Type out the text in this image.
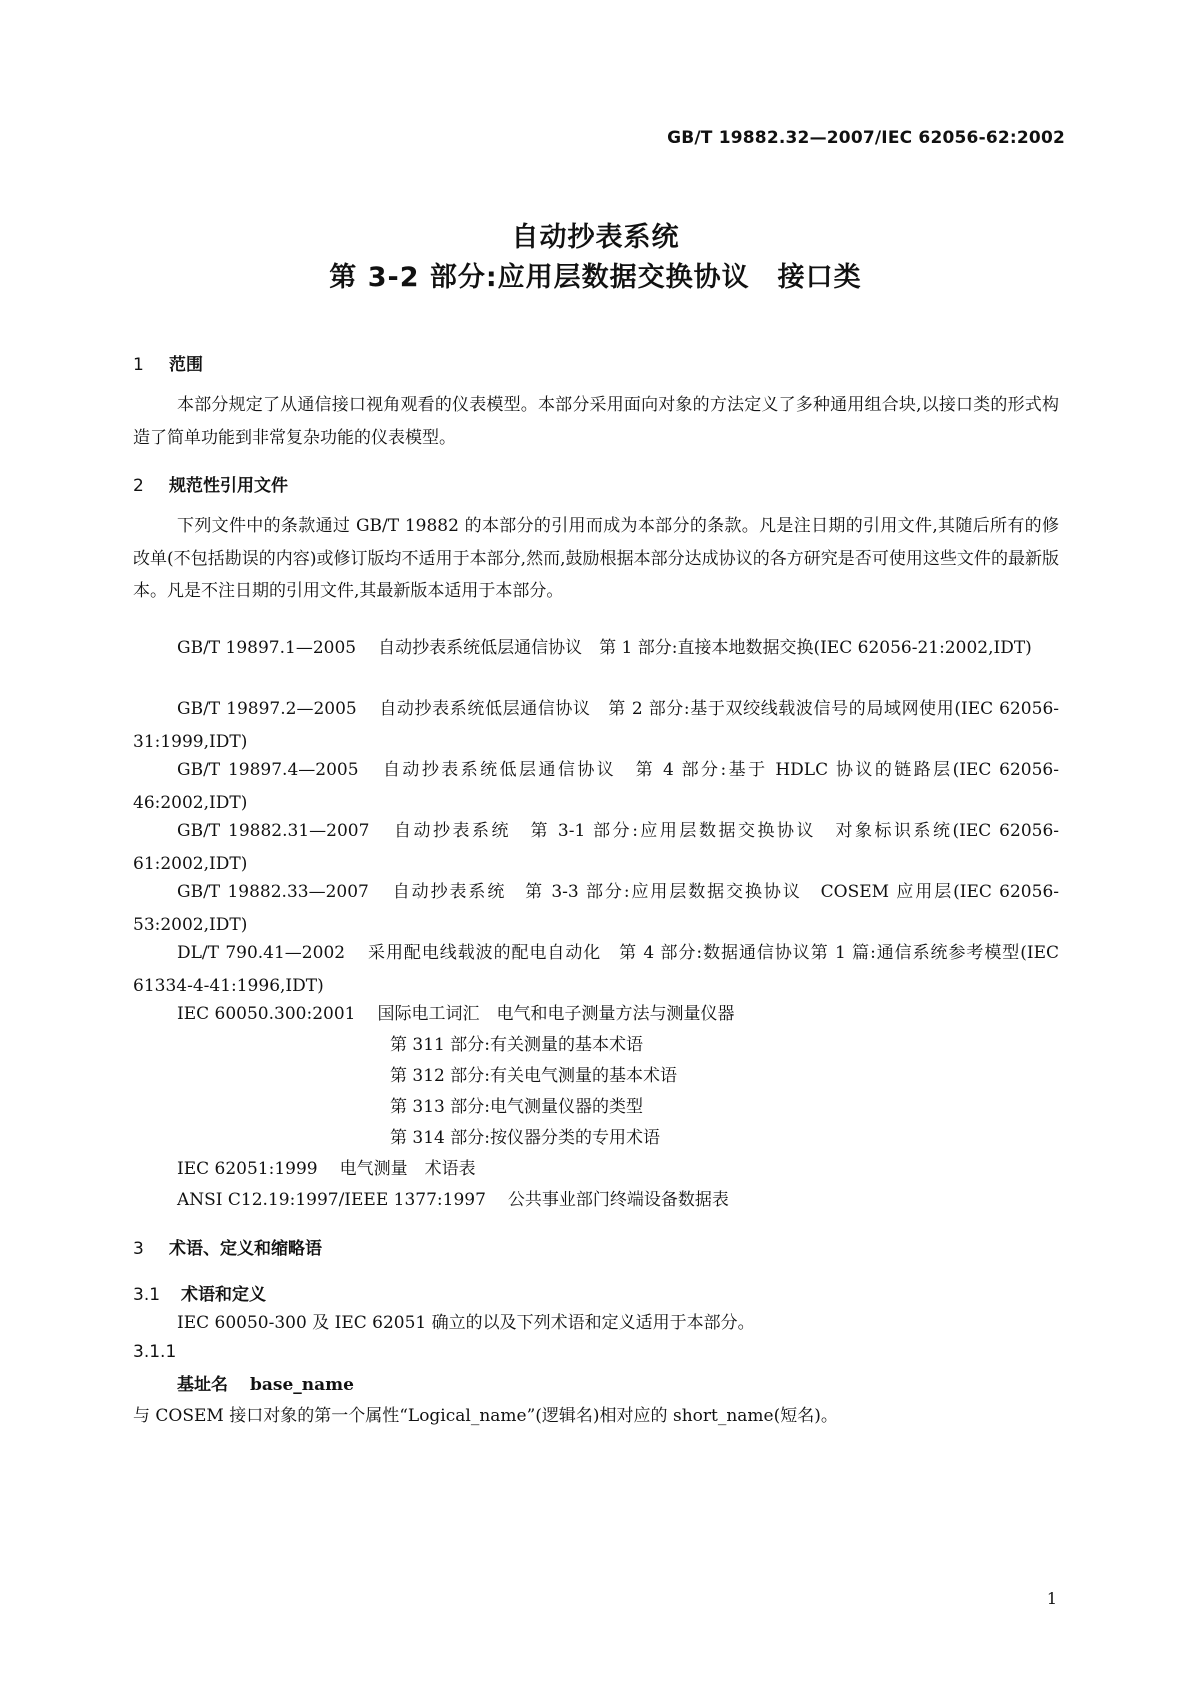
GB/T 19882.32—2007/IEC 62056-62:2002
自动抄表系统
第 3-2 部分:应用层数据交换协议　接口类
1 范围
本部分规定了从通信接口视角观看的仪表模型。本部分采用面向对象的方法定义了多种通用组合块,以接口类的形式构造了简单功能到非常复杂功能的仪表模型。
2 规范性引用文件
下列文件中的条款通过 GB/T 19882 的本部分的引用而成为本部分的条款。凡是注日期的引用文件,其随后所有的修改单(不包括勘误的内容)或修订版均不适用于本部分,然而,鼓励根据本部分达成协议的各方研究是否可使用这些文件的最新版本。凡是不注日期的引用文件,其最新版本适用于本部分。
GB/T 19897.1—2005 自动抄表系统低层通信协议　第 1 部分:直接本地数据交换(IEC 62056-21:2002,IDT)
GB/T 19897.2—2005 自动抄表系统低层通信协议　第 2 部分:基于双绞线载波信号的局域网使用(IEC 62056-31:1999,IDT)
GB/T 19897.4—2005 自动抄表系统低层通信协议　第 4 部分:基于 HDLC 协议的链路层(IEC 62056-46:2002,IDT)
GB/T 19882.31—2007 自动抄表系统　第 3-1 部分:应用层数据交换协议　对象标识系统(IEC 62056-61:2002,IDT)
GB/T 19882.33—2007 自动抄表系统　第 3-3 部分:应用层数据交换协议　COSEM 应用层(IEC 62056-53:2002,IDT)
DL/T 790.41—2002 采用配电线载波的配电自动化　第 4 部分:数据通信协议第 1 篇:通信系统参考模型(IEC 61334-4-41:1996,IDT)
IEC 60050.300:2001 国际电工词汇　电气和电子测量方法与测量仪器
第 311 部分:有关测量的基本术语
第 312 部分:有关电气测量的基本术语
第 313 部分:电气测量仪器的类型
第 314 部分:按仪器分类的专用术语
IEC 62051:1999 电气测量　术语表
ANSI C12.19:1997/IEEE 1377:1997 公共事业部门终端设备数据表
3 术语、定义和缩略语
3.1 术语和定义
IEC 60050-300 及 IEC 62051 确立的以及下列术语和定义适用于本部分。
3.1.1
基址名 base_name
与 COSEM 接口对象的第一个属性“Logical_name”(逻辑名)相对应的 short_name(短名)。
1
